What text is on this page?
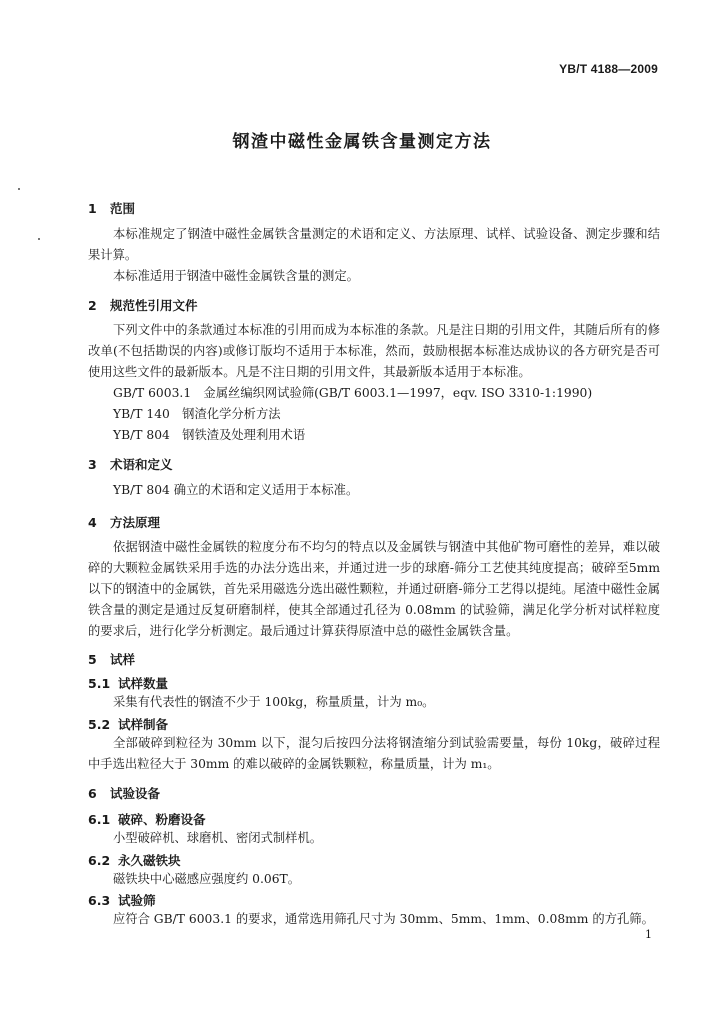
YB/T 4188—2009
钢渣中磁性金属铁含量测定方法
1 范围
本标准规定了钢渣中磁性金属铁含量测定的术语和定义、方法原理、试样、试验设备、测定步骤和结果计算。
本标准适用于钢渣中磁性金属铁含量的测定。
2 规范性引用文件
下列文件中的条款通过本标准的引用而成为本标准的条款。凡是注日期的引用文件，其随后所有的修改单(不包括勘误的内容)或修订版均不适用于本标准，然而，鼓励根据本标准达成协议的各方研究是否可使用这些文件的最新版本。凡是不注日期的引用文件，其最新版本适用于本标准。
GB/T 6003.1　金属丝编织网试验筛(GB/T 6003.1—1997，eqv. ISO 3310-1:1990)
YB/T 140　钢渣化学分析方法
YB/T 804　钢铁渣及处理利用术语
3 术语和定义
YB/T 804 确立的术语和定义适用于本标准。
4 方法原理
依据钢渣中磁性金属铁的粒度分布不均匀的特点以及金属铁与钢渣中其他矿物可磨性的差异，难以破碎的大颗粒金属铁采用手选的办法分选出来，并通过进一步的球磨-筛分工艺使其纯度提高；破碎至5mm 以下的钢渣中的金属铁，首先采用磁选分选出磁性颗粒，并通过研磨-筛分工艺得以提纯。尾渣中磁性金属铁含量的测定是通过反复研磨制样，使其全部通过孔径为 0.08mm 的试验筛，满足化学分析对试样粒度的要求后，进行化学分析测定。最后通过计算获得原渣中总的磁性金属铁含量。
5 试样
5.1 试样数量
采集有代表性的钢渣不少于 100kg，称量质量，计为 m₀。
5.2 试样制备
全部破碎到粒径为 30mm 以下，混匀后按四分法将钢渣缩分到试验需要量，每份 10kg，破碎过程中手选出粒径大于 30mm 的难以破碎的金属铁颗粒，称量质量，计为 m₁。
6 试验设备
6.1 破碎、粉磨设备
小型破碎机、球磨机、密闭式制样机。
6.2 永久磁铁块
磁铁块中心磁感应强度约 0.06T。
6.3 试验筛
应符合 GB/T 6003.1 的要求，通常选用筛孔尺寸为 30mm、5mm、1mm、0.08mm 的方孔筛。
1
